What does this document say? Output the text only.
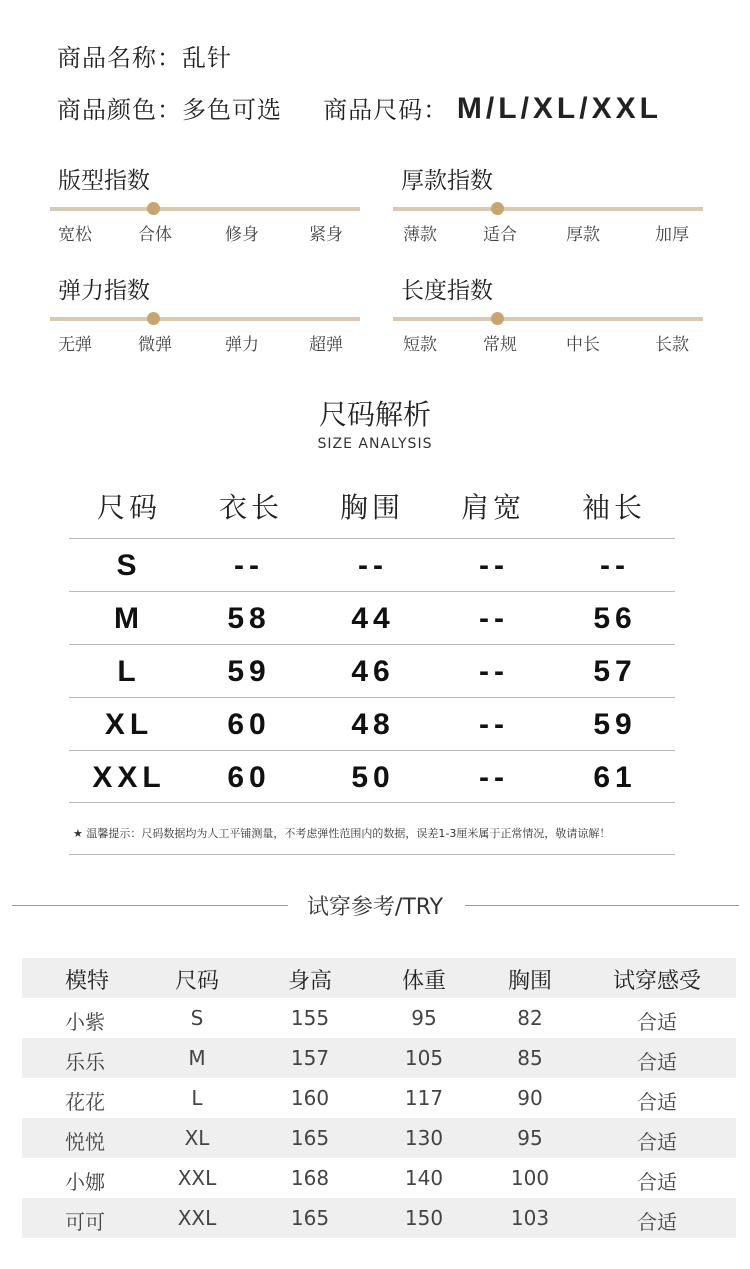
商品名称：乱针
商品颜色：多色可选 商品尺码： M/L/XL/XXL
版型指数
宽松	合体	修身	紧身
厚款指数
薄款	适合	厚款	加厚
弹力指数
无弹	微弹	弹力	超弹
长度指数
短款	常规	中长	长款
尺码解析
SIZE ANALYSIS
尺码 衣长 胸围 肩宽 袖长
S	--	--	--	--
M	58	44	--	56
L	59	46	--	57
XL 60	48	--	59
XXL 60	50	--	61
★ 温馨提示：尺码数据均为人工平铺测量，不考虑弹性范围内的数据，误差1-3厘米属于正常情况，敬请谅解！
试穿参考/TRY
模特	尺码	身高	体重	胸围	试穿感受
小紫	S	155	95	82	合适
乐乐	M	157	105	85	合适
花花	L	160	117	90	合适
悦悦	XL	165	130	95	合适
小娜	XXL	168	140	100	合适
可可	XXL	165	150	103	合适
